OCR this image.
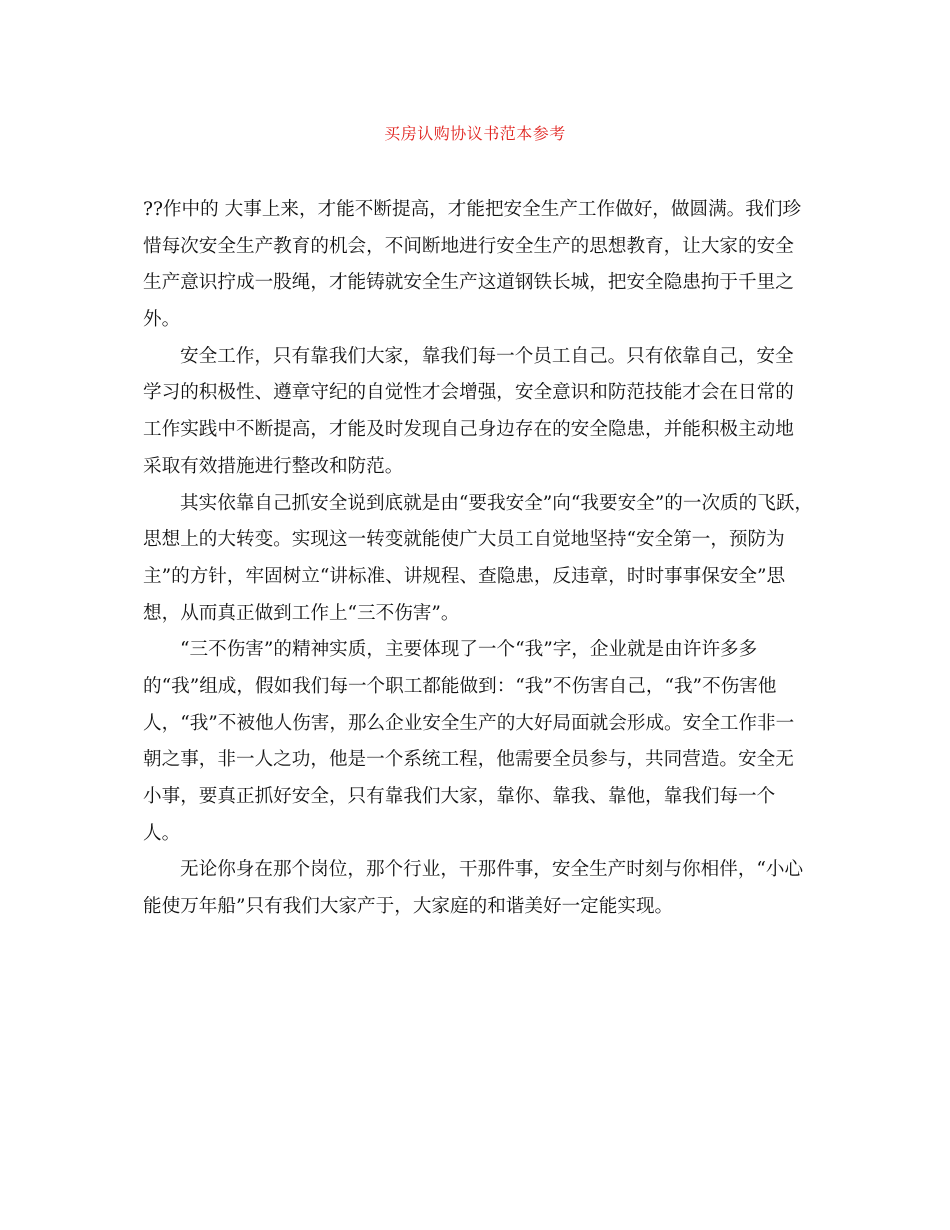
买房认购协议书范本参考
??作中的 大事上来，才能不断提高，才能把安全生产工作做好，做圆满。我们珍
惜每次安全生产教育的机会，不间断地进行安全生产的思想教育，让大家的安全
生产意识拧成一股绳，才能铸就安全生产这道钢铁长城，把安全隐患拘于千里之
外。
安全工作，只有靠我们大家，靠我们每一个员工自己。只有依靠自己，安全
学习的积极性、遵章守纪的自觉性才会增强，安全意识和防范技能才会在日常的
工作实践中不断提高，才能及时发现自己身边存在的安全隐患，并能积极主动地
采取有效措施进行整改和防范。
其实依靠自己抓安全说到底就是由“要我安全”向“我要安全”的一次质的飞跃，
思想上的大转变。实现这一转变就能使广大员工自觉地坚持“安全第一，预防为
主”的方针，牢固树立“讲标准、讲规程、查隐患，反违章，时时事事保安全”思
想，从而真正做到工作上“三不伤害”。
“三不伤害”的精神实质，主要体现了一个“我”字，企业就是由许许多多
的“我”组成，假如我们每一个职工都能做到：“我”不伤害自己，“我”不伤害他
人，“我”不被他人伤害，那么企业安全生产的大好局面就会形成。安全工作非一
朝之事，非一人之功，他是一个系统工程，他需要全员参与，共同营造。安全无
小事，要真正抓好安全，只有靠我们大家，靠你、靠我、靠他，靠我们每一个
人。
无论你身在那个岗位，那个行业，干那件事，安全生产时刻与你相伴，“小心
能使万年船”只有我们大家产于，大家庭的和谐美好一定能实现。
